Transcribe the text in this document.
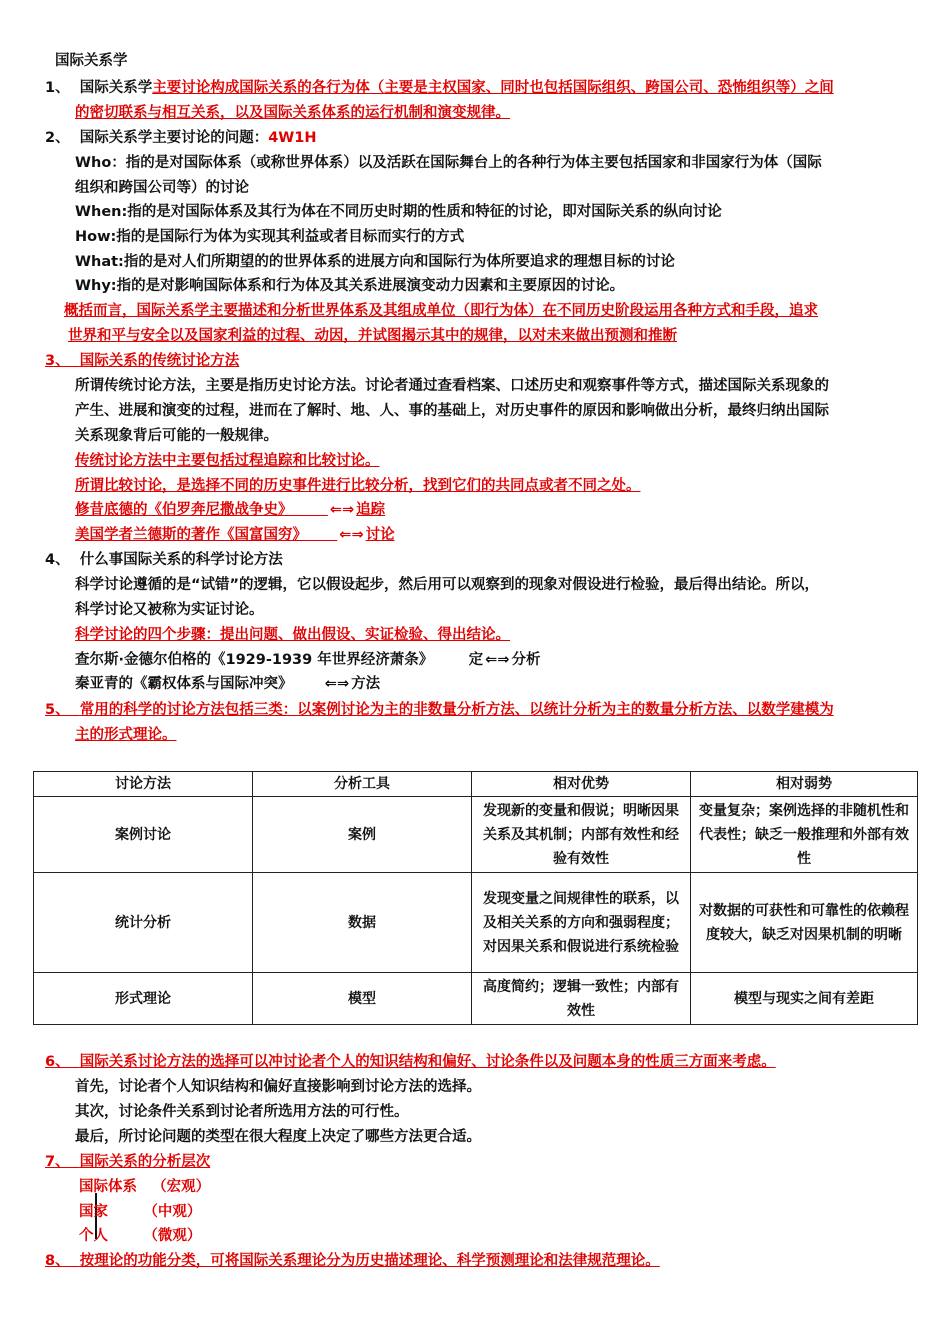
国际关系学
1、 国际关系学主要讨论构成国际关系的各行为体（主要是主权国家、同时也包括国际组织、跨国公司、恐怖组织等）之间
的密切联系与相互关系，以及国际关系体系的运行机制和演变规律。
2、 国际关系学主要讨论的问题：4W1H
Who：指的是对国际体系（或称世界体系）以及活跃在国际舞台上的各种行为体主要包括国家和非国家行为体（国际
组织和跨国公司等）的讨论
When:指的是对国际体系及其行为体在不同历史时期的性质和特征的讨论，即对国际关系的纵向讨论
How:指的是国际行为体为实现其利益或者目标而实行的方式
What:指的是对人们所期望的的世界体系的进展方向和国际行为体所要追求的理想目标的讨论
Why:指的是对影响国际体系和行为体及其关系进展演变动力因素和主要原因的讨论。
概括而言，国际关系学主要描述和分析世界体系及其组成单位（即行为体）在不同历史阶段运用各种方式和手段，追求
世界和平与安全以及国家利益的过程、动因，并试图揭示其中的规律，以对未来做出预测和推断
3、 国际关系的传统讨论方法
所谓传统讨论方法，主要是指历史讨论方法。讨论者通过查看档案、口述历史和观察事件等方式，描述国际关系现象的
产生、进展和演变的过程，进而在了解时、地、人、事的基础上，对历史事件的原因和影响做出分析，最终归纳出国际
关系现象背后可能的一般规律。
传统讨论方法中主要包括过程追踪和比较讨论。
所谓比较讨论，是选择不同的历史事件进行比较分析，找到它们的共同点或者不同之处。
修昔底德的《伯罗奔尼撒战争史》	⇐⇒ 追踪
美国学者兰德斯的著作《国富国穷》 ⇐⇒ 讨论
4、 什么事国际关系的科学讨论方法
科学讨论遵循的是“试错”的逻辑，它以假设起步，然后用可以观察到的现象对假设进行检验，最后得出结论。所以，
科学讨论又被称为实证讨论。
科学讨论的四个步骤：提出问题、做出假设、实证检验、得出结论。
查尔斯·金德尔伯格的《1929-1939 年世界经济萧条》 定 ⇐⇒ 分析
秦亚青的《霸权体系与国际冲突》 ⇐⇒ 方法
5、 常用的科学的讨论方法包括三类：以案例讨论为主的非数量分析方法、以统计分析为主的数量分析方法、以数学建模为
主的形式理论。
讨论方法	分析工具	相对优势	相对弱势
案例讨论	案例	发现新的变量和假说；明晰因果关系及其机制；内部有效性和经验有效性	变量复杂；案例选择的非随机性和代表性；缺乏一般推理和外部有效性
统计分析	数据	发现变量之间规律性的联系，以及相关关系的方向和强弱程度；对因果关系和假说进行系统检验	对数据的可获性和可靠性的依赖程度较大，缺乏对因果机制的明晰
形式理论	模型	高度简约；逻辑一致性；内部有效性	模型与现实之间有差距
6、 国际关系讨论方法的选择可以冲讨论者个人的知识结构和偏好、讨论条件以及问题本身的性质三方面来考虑。
首先，讨论者个人知识结构和偏好直接影响到讨论方法的选择。
其次，讨论条件关系到讨论者所选用方法的可行性。
最后，所讨论问题的类型在很大程度上决定了哪些方法更合适。
7、 国际关系的分析层次
国际体系 （宏观）
国家 （中观）
个人 （微观）
8、 按理论的功能分类，可将国际关系理论分为历史描述理论、科学预测理论和法律规范理论。
